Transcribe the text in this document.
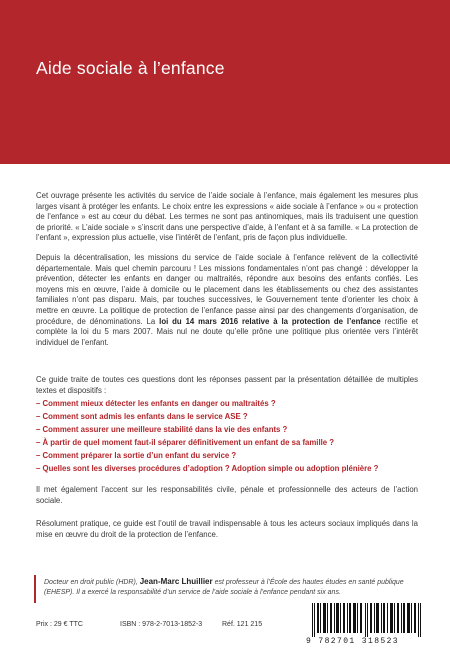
Aide sociale à l’enfance

Cet ouvrage présente les activités du service de l’aide sociale à l’enfance, mais également les mesures plus larges visant à protéger les enfants. Le choix entre les expressions « aide sociale à l’enfance » ou « protection de l’enfance » est au cœur du débat. Les termes ne sont pas antinomiques, mais ils traduisent une question de priorité. « L’aide sociale » s’inscrit dans une perspective d’aide, à l’enfant et à sa famille. « La protection de l’enfant », expression plus actuelle, vise l’intérêt de l’enfant, pris de façon plus individuelle.

Depuis la décentralisation, les missions du service de l’aide sociale à l’enfance relèvent de la collectivité départementale. Mais quel chemin parcouru ! Les missions fondamentales n’ont pas changé : développer la prévention, détecter les enfants en danger ou maltraités, répondre aux besoins des enfants confiés. Les moyens mis en œuvre, l’aide à domicile ou le placement dans les établissements ou chez des assistantes familiales n’ont pas disparu. Mais, par touches successives, le Gouvernement tente d’orienter les choix à mettre en œuvre. La politique de protection de l’enfance passe ainsi par des changements d’organisation, de procédure, de dénominations. La loi du 14 mars 2016 relative à la protection de l’enfance rectifie et complète la loi du 5 mars 2007. Mais nul ne doute qu’elle prône une politique plus orientée vers l’intérêt individuel de l’enfant.

Ce guide traite de toutes ces questions dont les réponses passent par la présentation détaillée de multiples textes et dispositifs :

– Comment mieux détecter les enfants en danger ou maltraités ?
– Comment sont admis les enfants dans le service ASE ?
– Comment assurer une meilleure stabilité dans la vie des enfants ?
– À partir de quel moment faut-il séparer définitivement un enfant de sa famille ?
– Comment préparer la sortie d’un enfant du service ?
– Quelles sont les diverses procédures d’adoption ? Adoption simple ou adoption plénière ?

Il met également l’accent sur les responsabilités civile, pénale et professionnelle des acteurs de l’action sociale.

Résolument pratique, ce guide est l’outil de travail indispensable à tous les acteurs sociaux impliqués dans la mise en œuvre du droit de la protection de l’enfance.

Docteur en droit public (HDR), Jean-Marc Lhuillier est professeur à l’École des hautes études en santé publique (EHESP). Il a exercé la responsabilité d’un service de l’aide sociale à l’enfance pendant six ans.
Prix : 29 € TTC	ISBN : 978-2-7013-1852-3	Réf. 121 215
9 782701 318523
